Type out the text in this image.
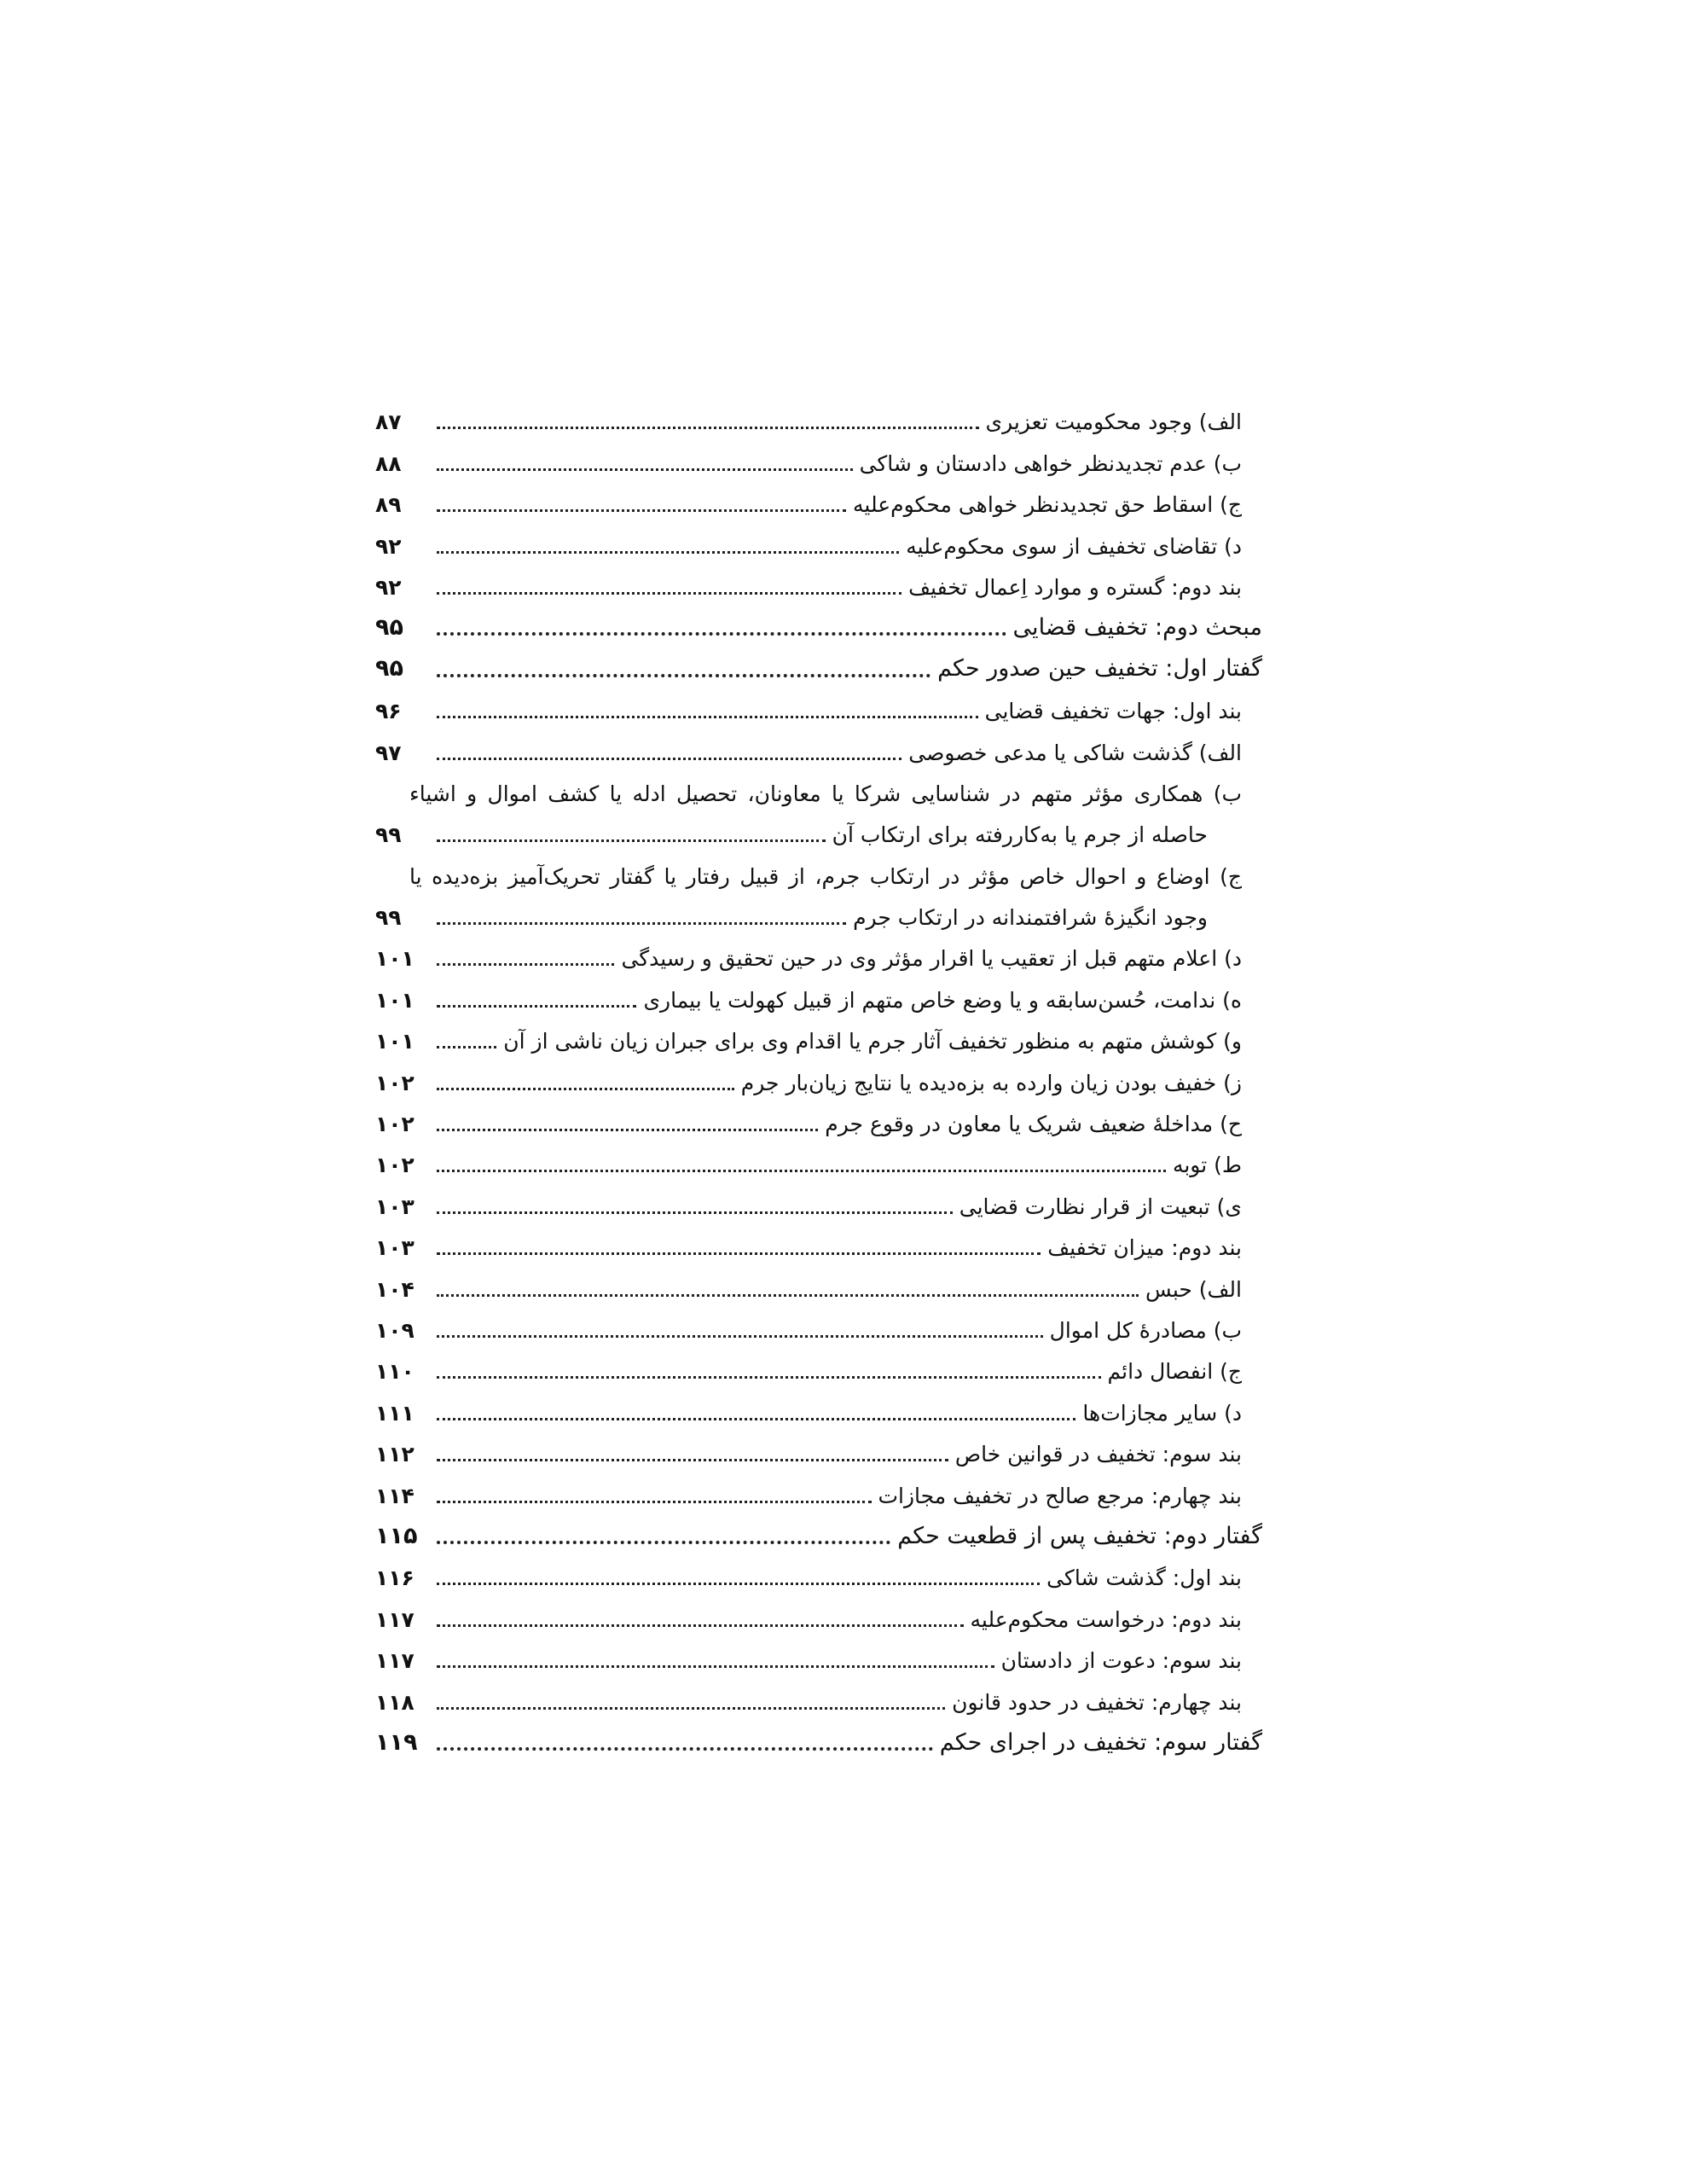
الف) وجود محکومیت تعزیری
۸۷
ب) عدم تجدیدنظر خواهی دادستان و شاکی
۸۸
ج) اسقاط حق تجدیدنظر خواهی محکوم‌علیه
۸۹
د) تقاضای تخفیف از سوی محکوم‌علیه
۹۲
بند دوم: گستره و موارد اِعمال تخفیف
۹۲
مبحث دوم: تخفیف قضایی
۹۵
گفتار اول: تخفیف حین صدور حکم
۹۵
بند اول: جهات تخفیف قضایی
۹۶
الف) گذشت شاکی یا مدعی خصوصی
۹۷
ب) همکاری مؤثر متهم در شناسایی شرکا یا معاونان، تحصیل ادله یا کشف اموال و اشیاء
حاصله از جرم یا به‌کاررفته برای ارتکاب آن
۹۹
ج) اوضاع و احوال خاص مؤثر در ارتکاب جرم، از قبیل رفتار یا گفتار تحریک‌آمیز بزه‌دیده یا
وجود انگیزهٔ شرافتمندانه در ارتکاب جرم
۹۹
د) اعلام متهم قبل از تعقیب یا اقرار مؤثر وی در حین تحقیق و رسیدگی
۱۰۱
ه) ندامت، حُسن‌سابقه و یا وضع خاص متهم از قبیل کهولت یا بیماری
۱۰۱
و) کوشش متهم به منظور تخفیف آثار جرم یا اقدام وی برای جبران زیان ناشی از آن
۱۰۱
ز) خفیف بودن زیان وارده به بزه‌دیده یا نتایج زیان‌بار جرم
۱۰۲
ح) مداخلهٔ ضعیف شریک یا معاون در وقوع جرم
۱۰۲
ط) توبه
۱۰۲
ی) تبعیت از قرار نظارت قضایی
۱۰۳
بند دوم: میزان تخفیف
۱۰۳
الف) حبس
۱۰۴
ب) مصادرهٔ کل اموال
۱۰۹
ج) انفصال دائم
۱۱۰
د) سایر مجازات‌ها
۱۱۱
بند سوم: تخفیف در قوانین خاص
۱۱۲
بند چهارم: مرجع صالح در تخفیف مجازات
۱۱۴
گفتار دوم: تخفیف پس از قطعیت حکم
۱۱۵
بند اول: گذشت شاکی
۱۱۶
بند دوم: درخواست محکوم‌علیه
۱۱۷
بند سوم: دعوت از دادستان
۱۱۷
بند چهارم: تخفیف در حدود قانون
۱۱۸
گفتار سوم: تخفیف در اجرای حکم
۱۱۹
